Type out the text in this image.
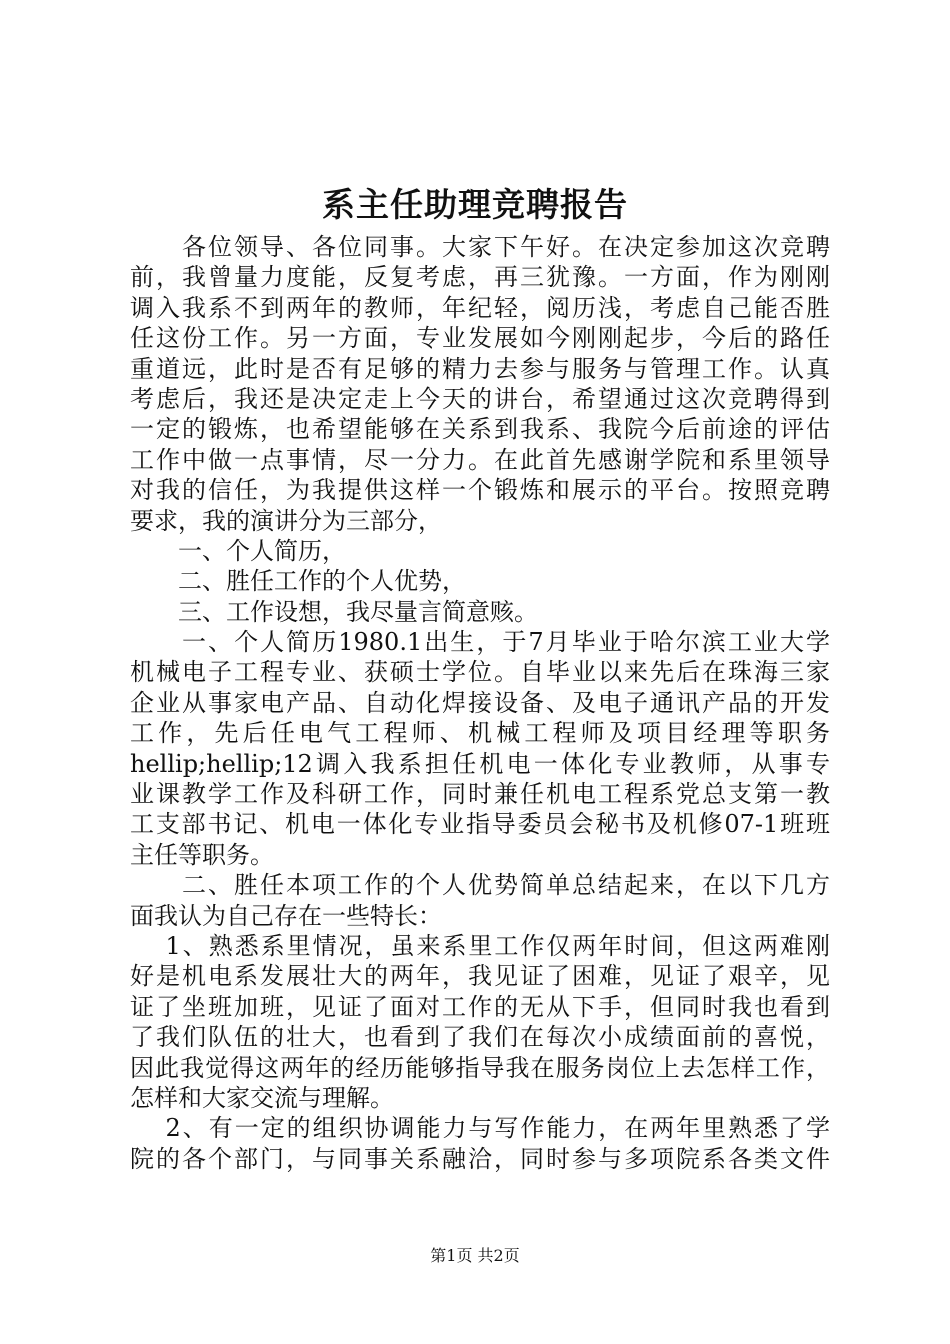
系主任助理竞聘报告
　　各位领导、各位同事。大家下午好。在决定参加这次竞聘
前，我曾量力度能，反复考虑，再三犹豫。一方面，作为刚刚
调入我系不到两年的教师，年纪轻，阅历浅，考虑自己能否胜
任这份工作。另一方面，专业发展如今刚刚起步，今后的路任
重道远，此时是否有足够的精力去参与服务与管理工作。认真
考虑后，我还是决定走上今天的讲台，希望通过这次竞聘得到
一定的锻炼，也希望能够在关系到我系、我院今后前途的评估
工作中做一点事情，尽一分力。在此首先感谢学院和系里领导
对我的信任，为我提供这样一个锻炼和展示的平台。按照竞聘
要求，我的演讲分为三部分，
　　一、个人简历，
　　二、胜任工作的个人优势，
　　三、工作设想，我尽量言简意赅。
　　一、个人简历1980.1出生，于7月毕业于哈尔滨工业大学
机械电子工程专业、获硕士学位。自毕业以来先后在珠海三家
企业从事家电产品、自动化焊接设备、及电子通讯产品的开发
工作，先后任电气工程师、机械工程师及项目经理等职务
hellip;hellip;12调入我系担任机电一体化专业教师，从事专
业课教学工作及科研工作，同时兼任机电工程系党总支第一教
工支部书记、机电一体化专业指导委员会秘书及机修07-1班班
主任等职务。
　　二、胜任本项工作的个人优势简单总结起来，在以下几方
面我认为自己存在一些特长：
　 1、熟悉系里情况，虽来系里工作仅两年时间，但这两难刚
好是机电系发展壮大的两年，我见证了困难，见证了艰辛，见
证了坐班加班，见证了面对工作的无从下手，但同时我也看到
了我们队伍的壮大，也看到了我们在每次小成绩面前的喜悦，
因此我觉得这两年的经历能够指导我在服务岗位上去怎样工作，
怎样和大家交流与理解。
　 2、有一定的组织协调能力与写作能力，在两年里熟悉了学
院的各个部门，与同事关系融洽，同时参与多项院系各类文件
第1页 共2页
